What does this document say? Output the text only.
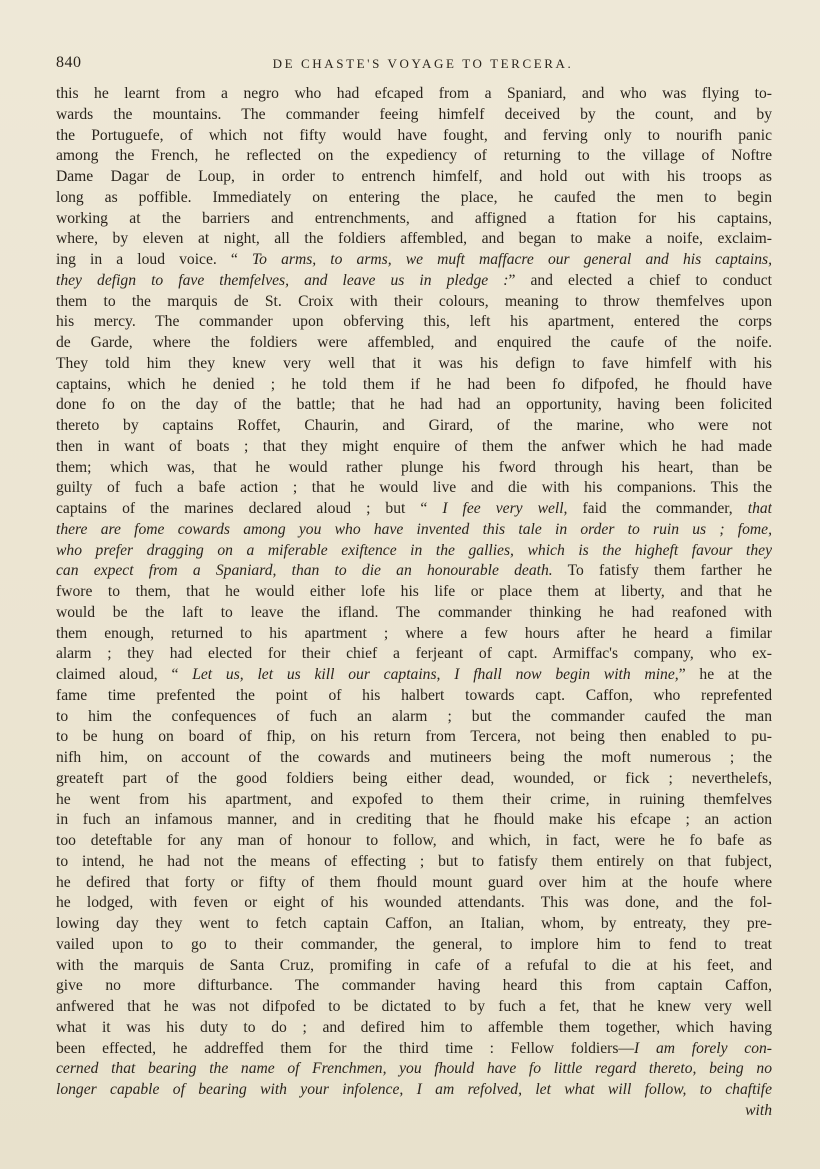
840	DE CHASTE'S VOYAGE TO TERCERA.
this he learnt from a negro who had efcaped from a Spaniard, and who was flying to-
wards the mountains. The commander feeing himfelf deceived by the count, and by
the Portuguefe, of which not fifty would have fought, and ferving only to nourifh panic
among the French, he reflected on the expediency of returning to the village of Noftre
Dame Dagar de Loup, in order to entrench himfelf, and hold out with his troops as
long as poffible. Immediately on entering the place, he caufed the men to begin
working at the barriers and entrenchments, and affigned a ftation for his captains,
where, by eleven at night, all the foldiers affembled, and began to make a noife, exclaim-
ing in a loud voice. “ To arms, to arms, we muft maffacre our general and his captains,
they defign to fave themfelves, and leave us in pledge :” and elected a chief to conduct
them to the marquis de St. Croix with their colours, meaning to throw themfelves upon
his mercy. The commander upon obferving this, left his apartment, entered the corps
de Garde, where the foldiers were affembled, and enquired the caufe of the noife.
They told him they knew very well that it was his defign to fave himfelf with his
captains, which he denied ; he told them if he had been fo difpofed, he fhould have
done fo on the day of the battle; that he had had an opportunity, having been folicited
thereto by captains Roffet, Chaurin, and Girard, of the marine, who were not
then in want of boats ; that they might enquire of them the anfwer which he had made
them; which was, that he would rather plunge his fword through his heart, than be
guilty of fuch a bafe action ; that he would live and die with his companions. This the
captains of the marines declared aloud ; but “ I fee very well, faid the commander, that
there are fome cowards among you who have invented this tale in order to ruin us ; fome,
who prefer dragging on a miferable exiftence in the gallies, which is the higheft favour they
can expect from a Spaniard, than to die an honourable death. To fatisfy them farther he
fwore to them, that he would either lofe his life or place them at liberty, and that he
would be the laft to leave the ifland. The commander thinking he had reafoned with
them enough, returned to his apartment ; where a few hours after he heard a fimilar
alarm ; they had elected for their chief a ferjeant of capt. Armiffac's company, who ex-
claimed aloud, “ Let us, let us kill our captains, I fhall now begin with mine,” he at the
fame time prefented the point of his halbert towards capt. Caffon, who reprefented
to him the confequences of fuch an alarm ; but the commander caufed the man
to be hung on board of fhip, on his return from Tercera, not being then enabled to pu-
nifh him, on account of the cowards and mutineers being the moft numerous ; the
greateft part of the good foldiers being either dead, wounded, or fick ; neverthelefs,
he went from his apartment, and expofed to them their crime, in ruining themfelves
in fuch an infamous manner, and in crediting that he fhould make his efcape ; an action
too deteftable for any man of honour to follow, and which, in fact, were he fo bafe as
to intend, he had not the means of effecting ; but to fatisfy them entirely on that fubject,
he defired that forty or fifty of them fhould mount guard over him at the houfe where
he lodged, with feven or eight of his wounded attendants. This was done, and the fol-
lowing day they went to fetch captain Caffon, an Italian, whom, by entreaty, they pre-
vailed upon to go to their commander, the general, to implore him to fend to treat
with the marquis de Santa Cruz, promifing in cafe of a refufal to die at his feet, and
give no more difturbance. The commander having heard this from captain Caffon,
anfwered that he was not difpofed to be dictated to by fuch a fet, that he knew very well
what it was his duty to do ; and defired him to affemble them together, which having
been effected, he addreffed them for the third time : Fellow foldiers—I am forely con-
cerned that bearing the name of Frenchmen, you fhould have fo little regard thereto, being no
longer capable of bearing with your infolence, I am refolved, let what will follow, to chaftife
with
